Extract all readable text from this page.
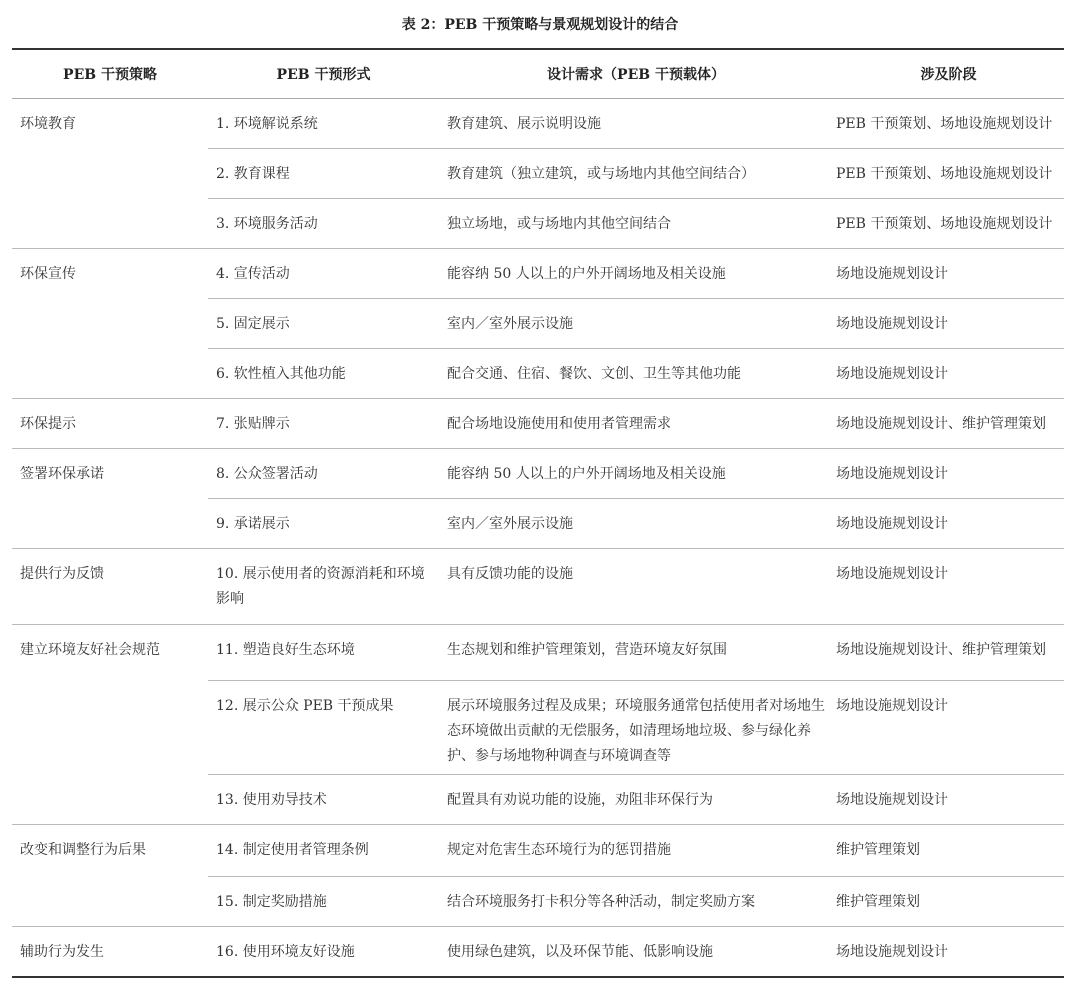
表 2：PEB 干预策略与景观规划设计的结合
PEB 干预策略	PEB 干预形式	设计需求（PEB 干预载体）	涉及阶段
环境教育	1. 环境解说系统	教育建筑、展示说明设施	PEB 干预策划、场地设施规划设计
	2. 教育课程	教育建筑（独立建筑，或与场地内其他空间结合）	PEB 干预策划、场地设施规划设计
	3. 环境服务活动	独立场地，或与场地内其他空间结合	PEB 干预策划、场地设施规划设计
环保宣传	4. 宣传活动	能容纳 50 人以上的户外开阔场地及相关设施	场地设施规划设计
	5. 固定展示	室内／室外展示设施	场地设施规划设计
	6. 软性植入其他功能	配合交通、住宿、餐饮、文创、卫生等其他功能	场地设施规划设计
环保提示	7. 张贴牌示	配合场地设施使用和使用者管理需求	场地设施规划设计、维护管理策划
签署环保承诺	8. 公众签署活动	能容纳 50 人以上的户外开阔场地及相关设施	场地设施规划设计
	9. 承诺展示	室内／室外展示设施	场地设施规划设计
提供行为反馈	10. 展示使用者的资源消耗和环境影响	具有反馈功能的设施	场地设施规划设计
建立环境友好社会规范	11. 塑造良好生态环境	生态规划和维护管理策划，营造环境友好氛围	场地设施规划设计、维护管理策划
	12. 展示公众 PEB 干预成果	展示环境服务过程及成果；环境服务通常包括使用者对场地生态环境做出贡献的无偿服务，如清理场地垃圾、参与绿化养护、参与场地物种调查与环境调查等	场地设施规划设计
	13. 使用劝导技术	配置具有劝说功能的设施，劝阻非环保行为	场地设施规划设计
改变和调整行为后果	14. 制定使用者管理条例	规定对危害生态环境行为的惩罚措施	维护管理策划
	15. 制定奖励措施	结合环境服务打卡积分等各种活动，制定奖励方案	维护管理策划
辅助行为发生	16. 使用环境友好设施	使用绿色建筑，以及环保节能、低影响设施	场地设施规划设计
